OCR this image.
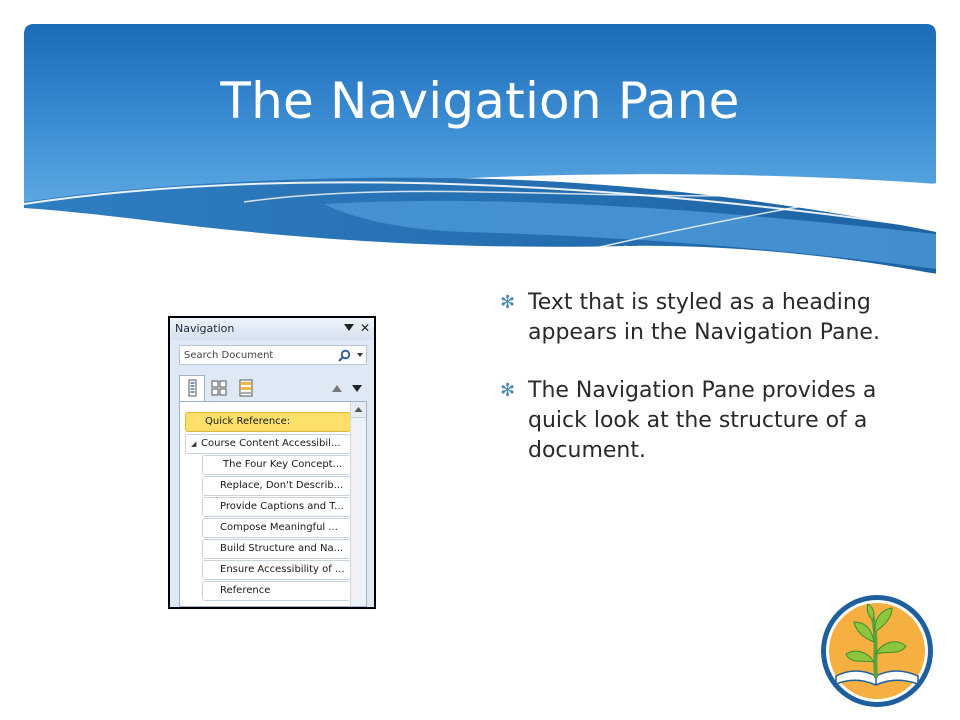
The Navigation Pane
Navigation	✕
Search Document
Quick Reference:
◢ Course Content Accessibil...
The Four Key Concept...
Replace, Don't Describ...
Provide Captions and T...
Compose Meaningful ...
Build Structure and Na...
Ensure Accessibility of ...
Reference
✻ Text that is styled as a heading appears in the Navigation Pane.
✻ The Navigation Pane provides a quick look at the structure of a document.
